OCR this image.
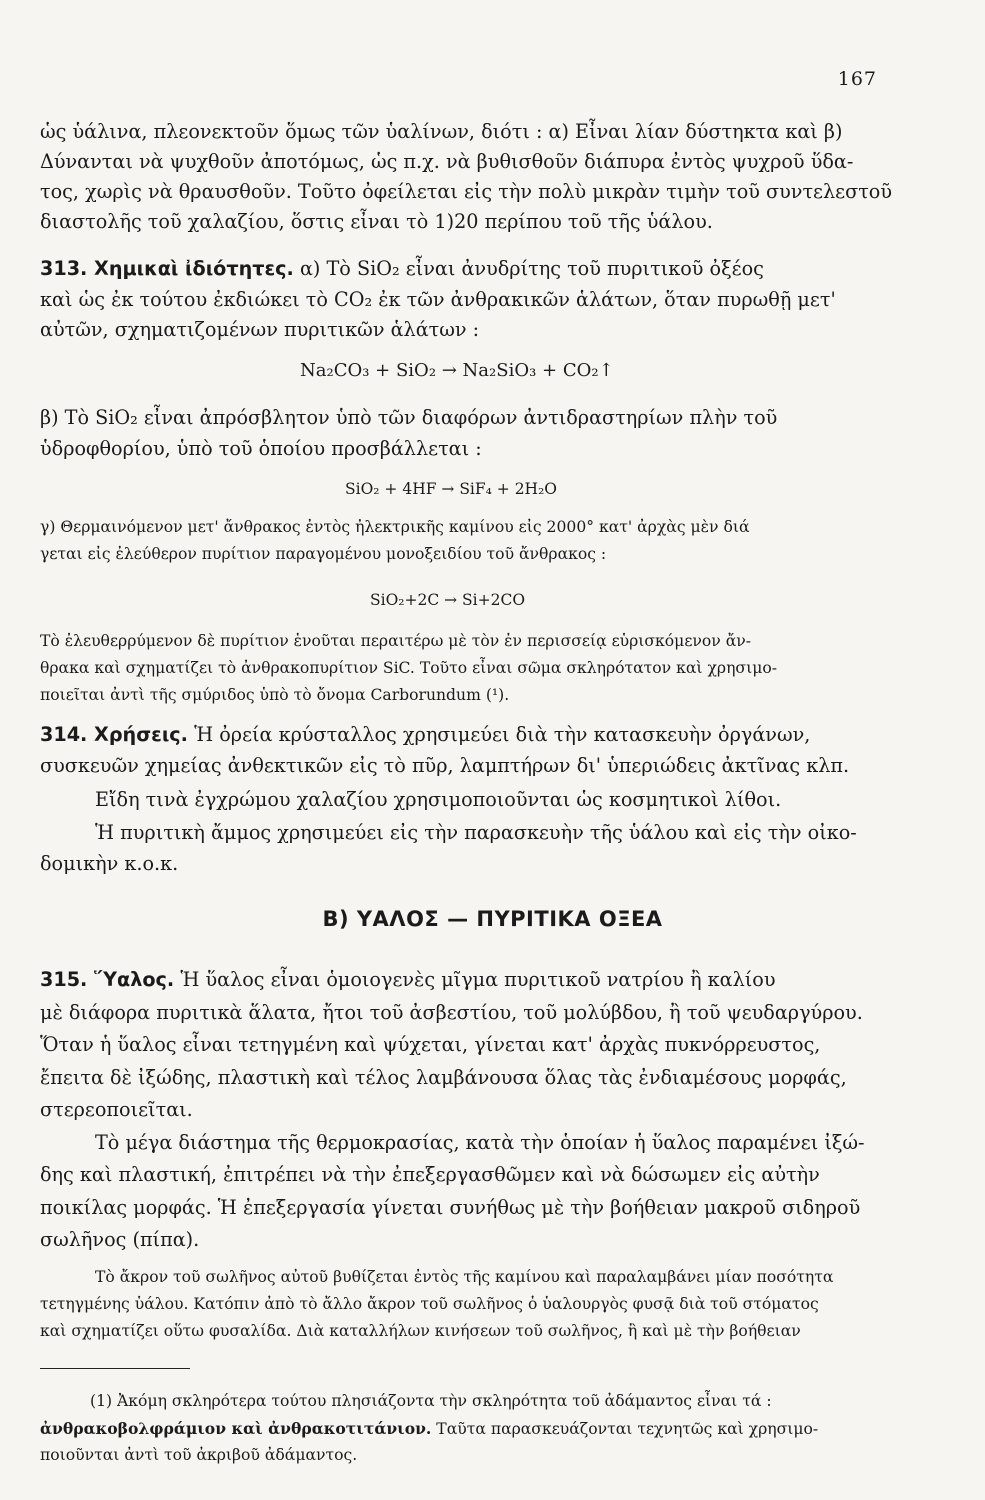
167
ὡς ὑάλινα, πλεονεκτοῦν ὅμως τῶν ὑαλίνων, διότι : α) Εἶναι λίαν δύστηκτα καὶ β)
Δύνανται νὰ ψυχθοῦν ἀποτόμως, ὡς π.χ. νὰ βυθισθοῦν διάπυρα ἐντὸς ψυχροῦ ὕδα-
τος, χωρὶς νὰ θραυσθοῦν. Τοῦτο ὀφείλεται εἰς τὴν πολὺ μικρὰν τιμὴν τοῦ συντελεστοῦ
διαστολῆς τοῦ χαλαζίου, ὅστις εἶναι τὸ 1)20 περίπου τοῦ τῆς ὑάλου.
313. Χημικαὶ ἰδιότητες. α) Τὸ SiO₂ εἶναι ἀνυδρίτης τοῦ πυριτικοῦ ὀξέος
καὶ ὡς ἐκ τούτου ἐκδιώκει τὸ CO₂ ἐκ τῶν ἀνθρακικῶν ἁλάτων, ὅταν πυρωθῇ μετ'
αὐτῶν, σχηματιζομένων πυριτικῶν ἁλάτων :
Na₂CO₃ + SiO₂ → Na₂SiO₃ + CO₂↑
β) Τὸ SiO₂ εἶναι ἀπρόσβλητον ὑπὸ τῶν διαφόρων ἀντιδραστηρίων πλὴν τοῦ
ὑδροφθορίου, ὑπὸ τοῦ ὁποίου προσβάλλεται :
SiO₂ + 4HF → SiF₄ + 2H₂O
γ) Θερμαινόμενον μετ' ἄνθρακος ἐντὸς ἠλεκτρικῆς καμίνου εἰς 2000° κατ' ἀρχὰς μὲν διά
γεται εἰς ἐλεύθερον πυρίτιον παραγομένου μονοξειδίου τοῦ ἄνθρακος :
SiO₂+2C → Si+2CO
Τὸ ἐλευθερρύμενον δὲ πυρίτιον ἑνοῦται περαιτέρω μὲ τὸν ἐν περισσείᾳ εὑρισκόμενον ἄν-
θρακα καὶ σχηματίζει τὸ ἀνθρακοπυρίτιον SiC. Τοῦτο εἶναι σῶμα σκληρότατον καὶ χρησιμο-
ποιεῖται ἀντὶ τῆς σμύριδος ὑπὸ τὸ ὄνομα Carborundum (¹).
314. Χρήσεις. Ἡ ὀρεία κρύσταλλος χρησιμεύει διὰ τὴν κατασκευὴν ὀργάνων,
συσκευῶν χημείας ἀνθεκτικῶν εἰς τὸ πῦρ, λαμπτήρων δι' ὑπεριώδεις ἀκτῖνας κλπ.
Εἴδη τινὰ ἐγχρώμου χαλαζίου χρησιμοποιοῦνται ὡς κοσμητικοὶ λίθοι.
Ἡ πυριτικὴ ἄμμος χρησιμεύει εἰς τὴν παρασκευὴν τῆς ὑάλου καὶ εἰς τὴν οἰκο-
δομικὴν κ.ο.κ.
Β) ΥΑΛΟΣ — ΠΥΡΙΤΙΚΑ ΟΞΕΑ
315. Ὕαλος. Ἡ ὕαλος εἶναι ὁμοιογενὲς μῖγμα πυριτικοῦ νατρίου ἢ καλίου
μὲ διάφορα πυριτικὰ ἅλατα, ἤτοι τοῦ ἀσβεστίου, τοῦ μολύβδου, ἢ τοῦ ψευδαργύρου.
Ὅταν ἡ ὕαλος εἶναι τετηγμένη καὶ ψύχεται, γίνεται κατ' ἀρχὰς πυκνόρρευστος,
ἔπειτα δὲ ἰξώδης, πλαστικὴ καὶ τέλος λαμβάνουσα ὅλας τὰς ἐνδιαμέσους μορφάς,
στερεοποιεῖται.
Τὸ μέγα διάστημα τῆς θερμοκρασίας, κατὰ τὴν ὁποίαν ἡ ὕαλος παραμένει ἰξώ-
δης καὶ πλαστική, ἐπιτρέπει νὰ τὴν ἐπεξεργασθῶμεν καὶ νὰ δώσωμεν εἰς αὐτὴν
ποικίλας μορφάς. Ἡ ἐπεξεργασία γίνεται συνήθως μὲ τὴν βοήθειαν μακροῦ σιδηροῦ
σωλῆνος (πίπα).
Τὸ ἄκρον τοῦ σωλῆνος αὐτοῦ βυθίζεται ἐντὸς τῆς καμίνου καὶ παραλαμβάνει μίαν ποσότητα
τετηγμένης ὑάλου. Κατόπιν ἀπὸ τὸ ἄλλο ἄκρον τοῦ σωλῆνος ὁ ὑαλουργὸς φυσᾷ διὰ τοῦ στόματος
καὶ σχηματίζει οὕτω φυσαλίδα. Διὰ καταλλήλων κινήσεων τοῦ σωλῆνος, ἢ καὶ μὲ τὴν βοήθειαν
(1) Ἀκόμη σκληρότερα τούτου πλησιάζοντα τὴν σκληρότητα τοῦ ἀδάμαντος εἶναι τά :
ἀνθρακοβολφράμιον καὶ ἀνθρακοτιτάνιον. Ταῦτα παρασκευάζονται τεχνητῶς καὶ χρησιμο-
ποιοῦνται ἀντὶ τοῦ ἀκριβοῦ ἀδάμαντος.
